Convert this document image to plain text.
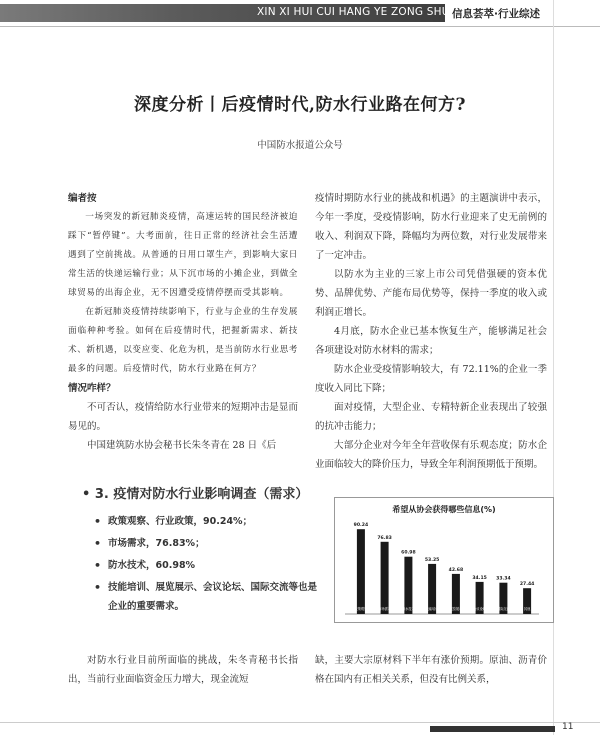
XIN XI HUI CUI HANG YE ZONG SHU 信息荟萃·行业综述
深度分析丨后疫情时代,防水行业路在何方?
中国防水报道公众号

编者按

一场突发的新冠肺炎疫情，高速运转的国民经济被迫踩下“暂停键”。大考面前，往日正常的经济社会生活遭遇到了空前挑战。从普通的日用口罩生产，到影响大家日常生活的快递运输行业；从下沉市场的小摊企业，到做全球贸易的出海企业，无不因遭受疫情停摆而受其影响。

在新冠肺炎疫情持续影响下，行业与企业的生存发展面临种种考验。如何在后疫情时代，把握新需求、新技术、新机遇，以变应变、化危为机，是当前防水行业思考最多的问题。后疫情时代，防水行业路在何方？

情况咋样？

不可否认，疫情给防水行业带来的短期冲击是显而易见的。

中国建筑防水协会秘书长朱冬青在 28 日《后

疫情时期防水行业的挑战和机遇》的主题演讲中表示，今年一季度，受疫情影响，防水行业迎来了史无前例的收入、利润双下降，降幅均为两位数，对行业发展带来了一定冲击。

以防水为主业的三家上市公司凭借强硬的资本优势、品牌优势、产能布局优势等，保持一季度的收入或利润正增长。

4月底，防水企业已基本恢复生产，能够满足社会各项建设对防水材料的需求；

防水企业受疫情影响较大，有 72.11%的企业一季度收入同比下降；

面对疫情，大型企业、专精特新企业表现出了较强的抗冲击能力；

大部分企业对今年全年营收保有乐观态度；防水企业面临较大的降价压力，导致全年利润预期低于预期。

• 3. 疫情对防水行业影响调查（需求）
• 政策观察、行业政策，90.24%；
• 市场需求，76.83%；
• 防水技术，60.98%
• 技能培训、展览展示、会议论坛、国际交流等也是企业的重要需求。
希望从协会获得哪些信息(%)
90.24
政策观察
76.83
市场需求
60.98
防水技术
53.25
技能培训
42.68
展览展示
34.15
会议论坛
33.34
国际交流
27.44
其他
对防水行业目前所面临的挑战，朱冬青秘书长指出，当前行业面临资金压力增大，现金流短
缺，主要大宗原材料下半年有涨价预期。原油、沥青价格在国内有正相关关系，但没有比例关系，
11
